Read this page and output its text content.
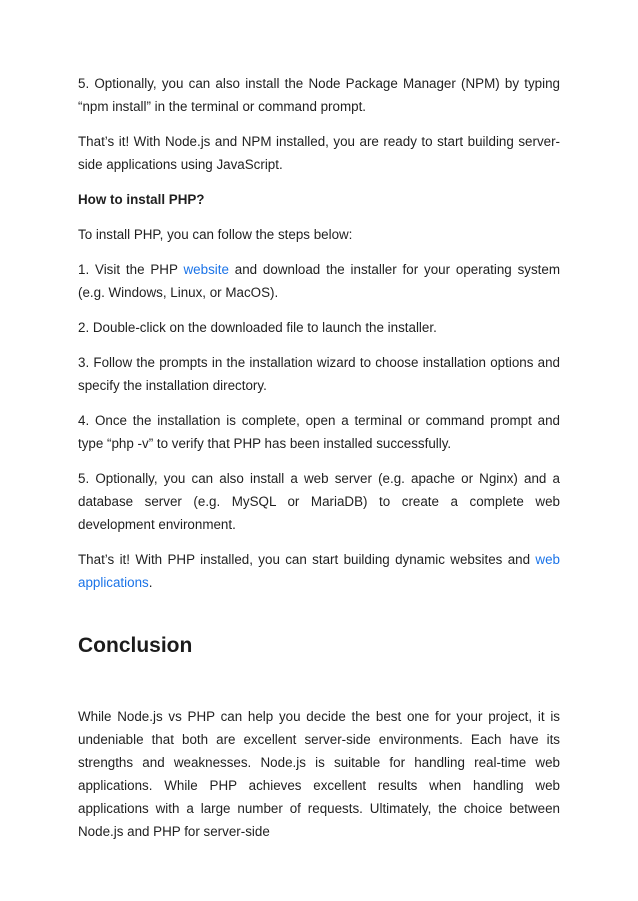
5. Optionally, you can also install the Node Package Manager (NPM) by typing “npm install” in the terminal or command prompt.

That’s it! With Node.js and NPM installed, you are ready to start building server-side applications using JavaScript.

How to install PHP?

To install PHP, you can follow the steps below:

1. Visit the PHP website and download the installer for your operating system (e.g. Windows, Linux, or MacOS).

2. Double-click on the downloaded file to launch the installer.

3. Follow the prompts in the installation wizard to choose installation options and specify the installation directory.

4. Once the installation is complete, open a terminal or command prompt and type “php -v” to verify that PHP has been installed successfully.

5. Optionally, you can also install a web server (e.g. apache or Nginx) and a database server (e.g. MySQL or MariaDB) to create a complete web development environment.

That’s it! With PHP installed, you can start building dynamic websites and web applications.

Conclusion

While Node.js vs PHP can help you decide the best one for your project, it is undeniable that both are excellent server-side environments. Each have its strengths and weaknesses. Node.js is suitable for handling real-time web applications. While PHP achieves excellent results when handling web applications with a large number of requests. Ultimately, the choice between Node.js and PHP for server-side
